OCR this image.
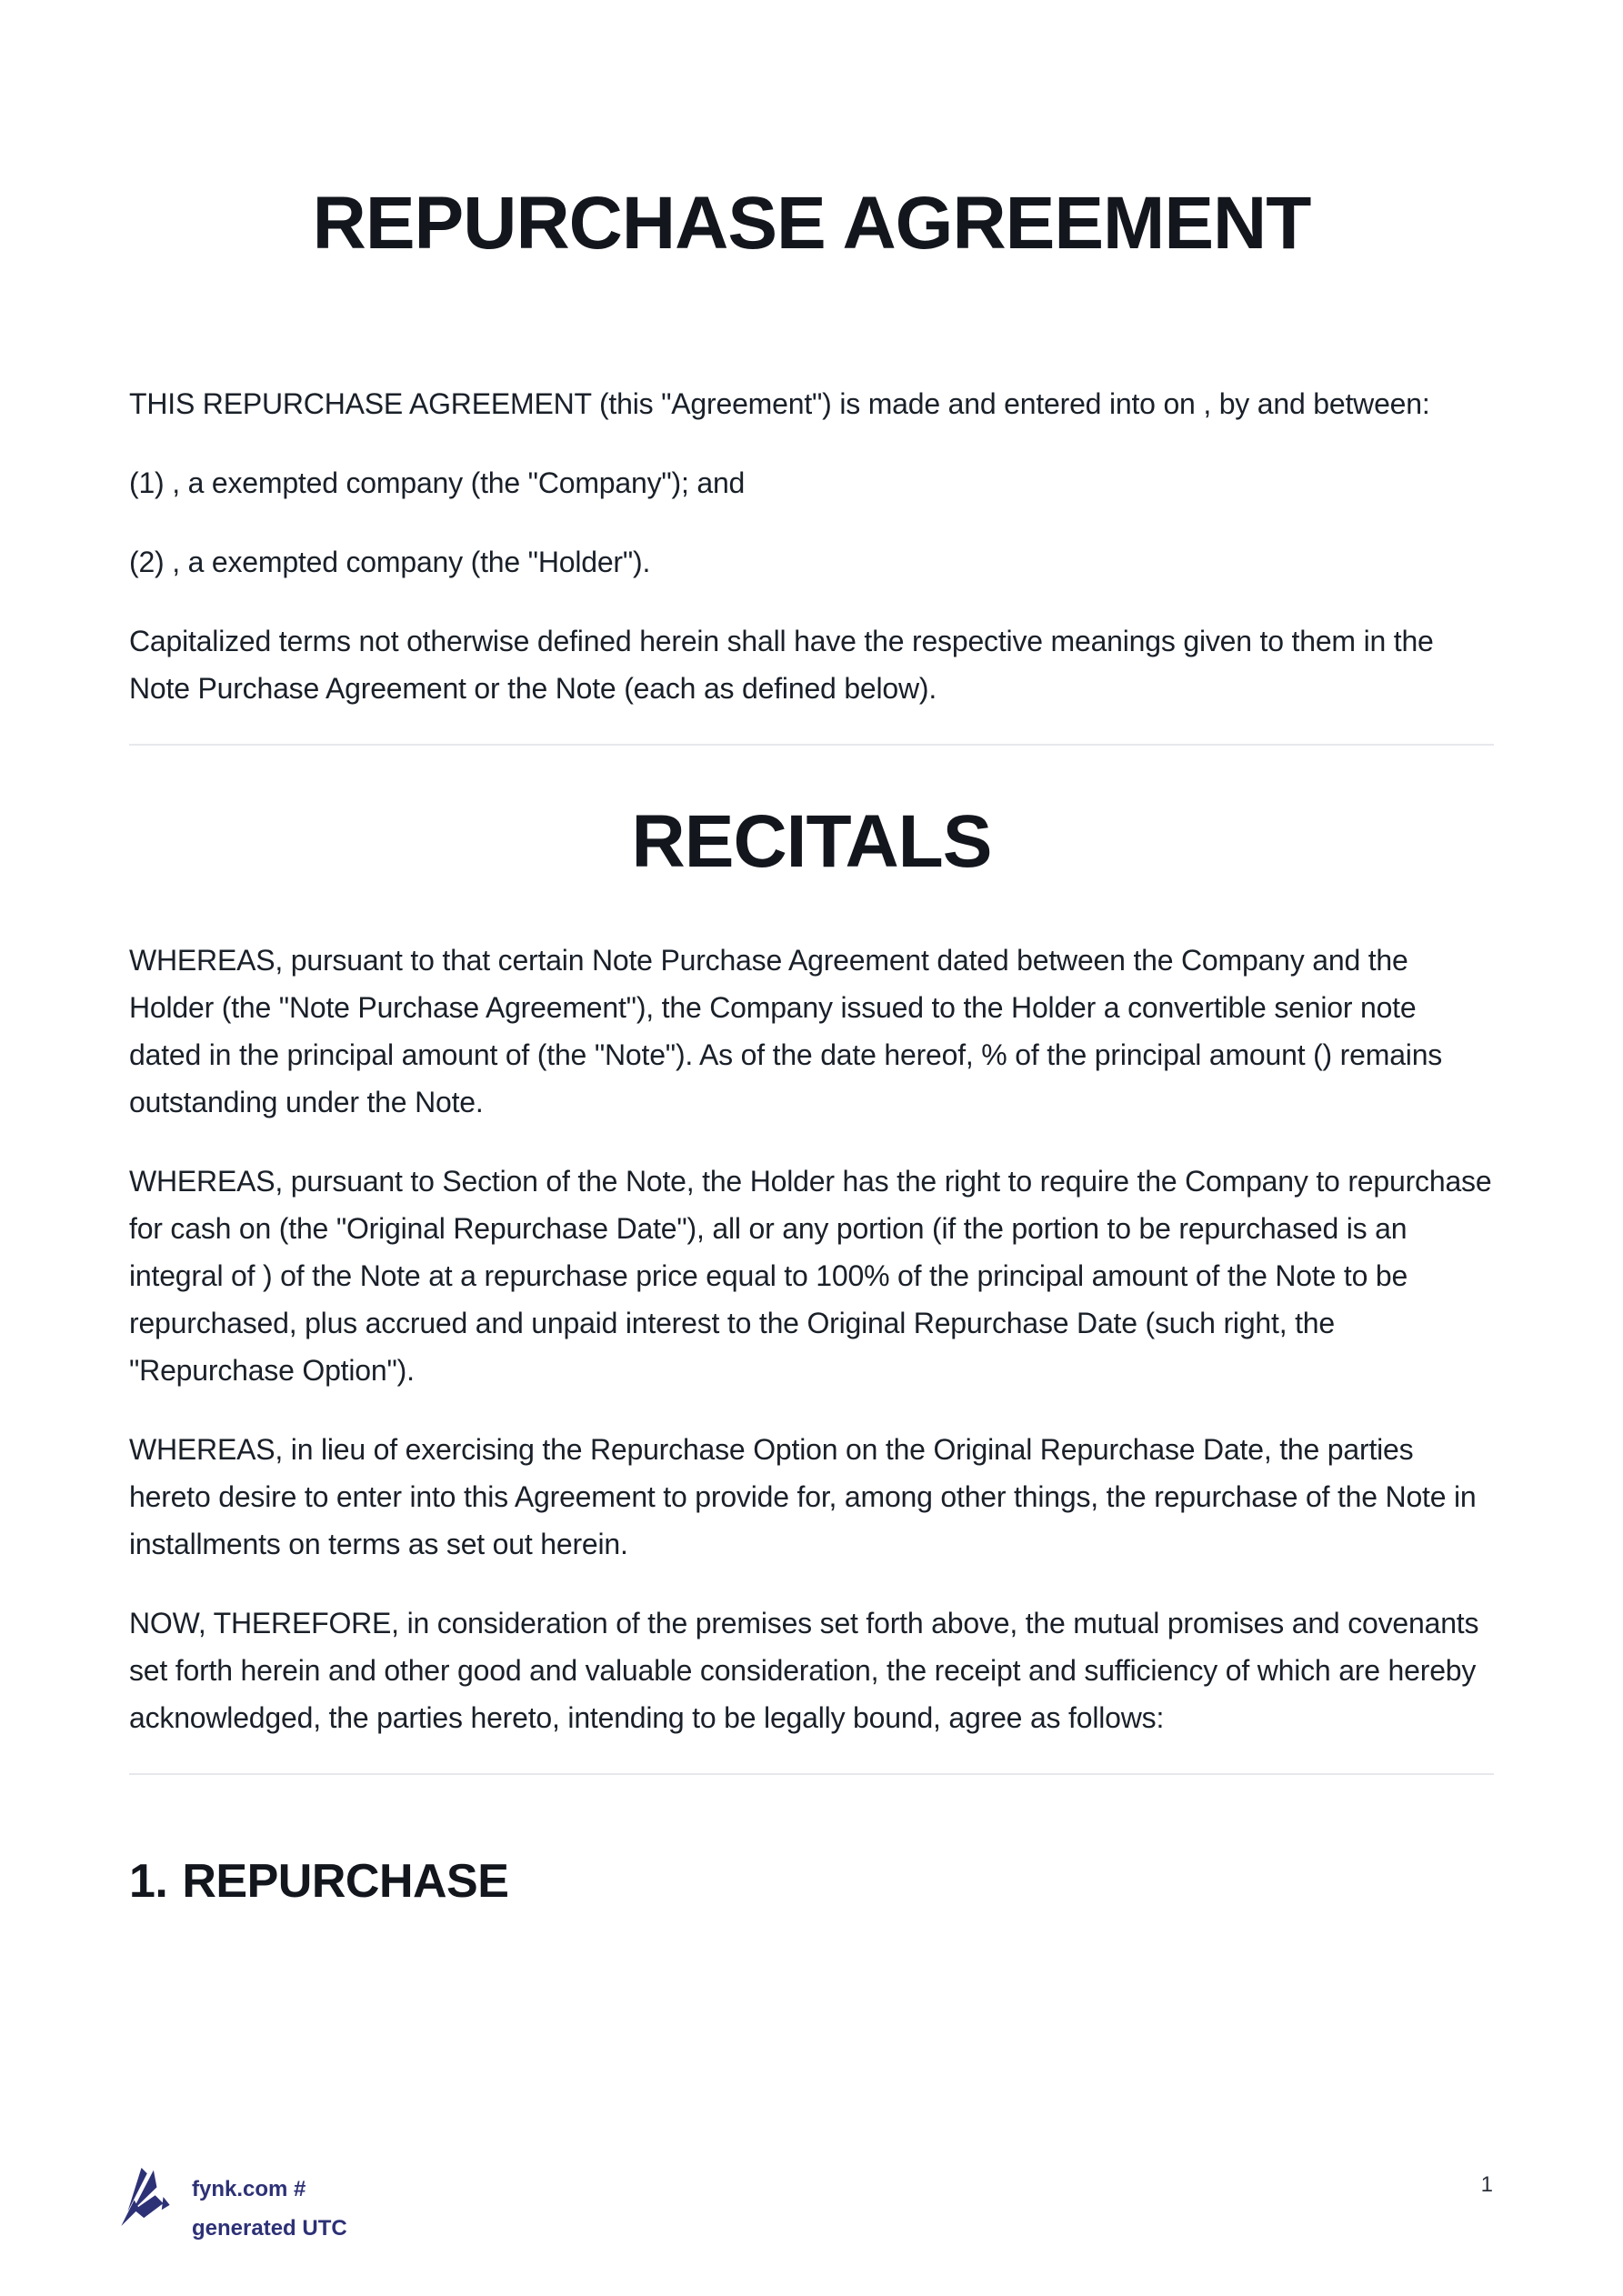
REPURCHASE AGREEMENT

THIS REPURCHASE AGREEMENT (this "Agreement") is made and entered into on , by and between:

(1) , a exempted company (the "Company"); and

(2) , a exempted company (the "Holder").

Capitalized terms not otherwise defined herein shall have the respective meanings given to them in the Note Purchase Agreement or the Note (each as defined below).

RECITALS

WHEREAS, pursuant to that certain Note Purchase Agreement dated between the Company and the Holder (the "Note Purchase Agreement"), the Company issued to the Holder a convertible senior note dated in the principal amount of (the "Note"). As of the date hereof, % of the principal amount () remains outstanding under the Note.

WHEREAS, pursuant to Section of the Note, the Holder has the right to require the Company to repurchase for cash on (the "Original Repurchase Date"), all or any portion (if the portion to be repurchased is an integral of ) of the Note at a repurchase price equal to 100% of the principal amount of the Note to be repurchased, plus accrued and unpaid interest to the Original Repurchase Date (such right, the "Repurchase Option").

WHEREAS, in lieu of exercising the Repurchase Option on the Original Repurchase Date, the parties hereto desire to enter into this Agreement to provide for, among other things, the repurchase of the Note in installments on terms as set out herein.

NOW, THEREFORE, in consideration of the premises set forth above, the mutual promises and covenants set forth herein and other good and valuable consideration, the receipt and sufficiency of which are hereby acknowledged, the parties hereto, intending to be legally bound, agree as follows:

1. REPURCHASE
fynk.com #
generated UTC
1
